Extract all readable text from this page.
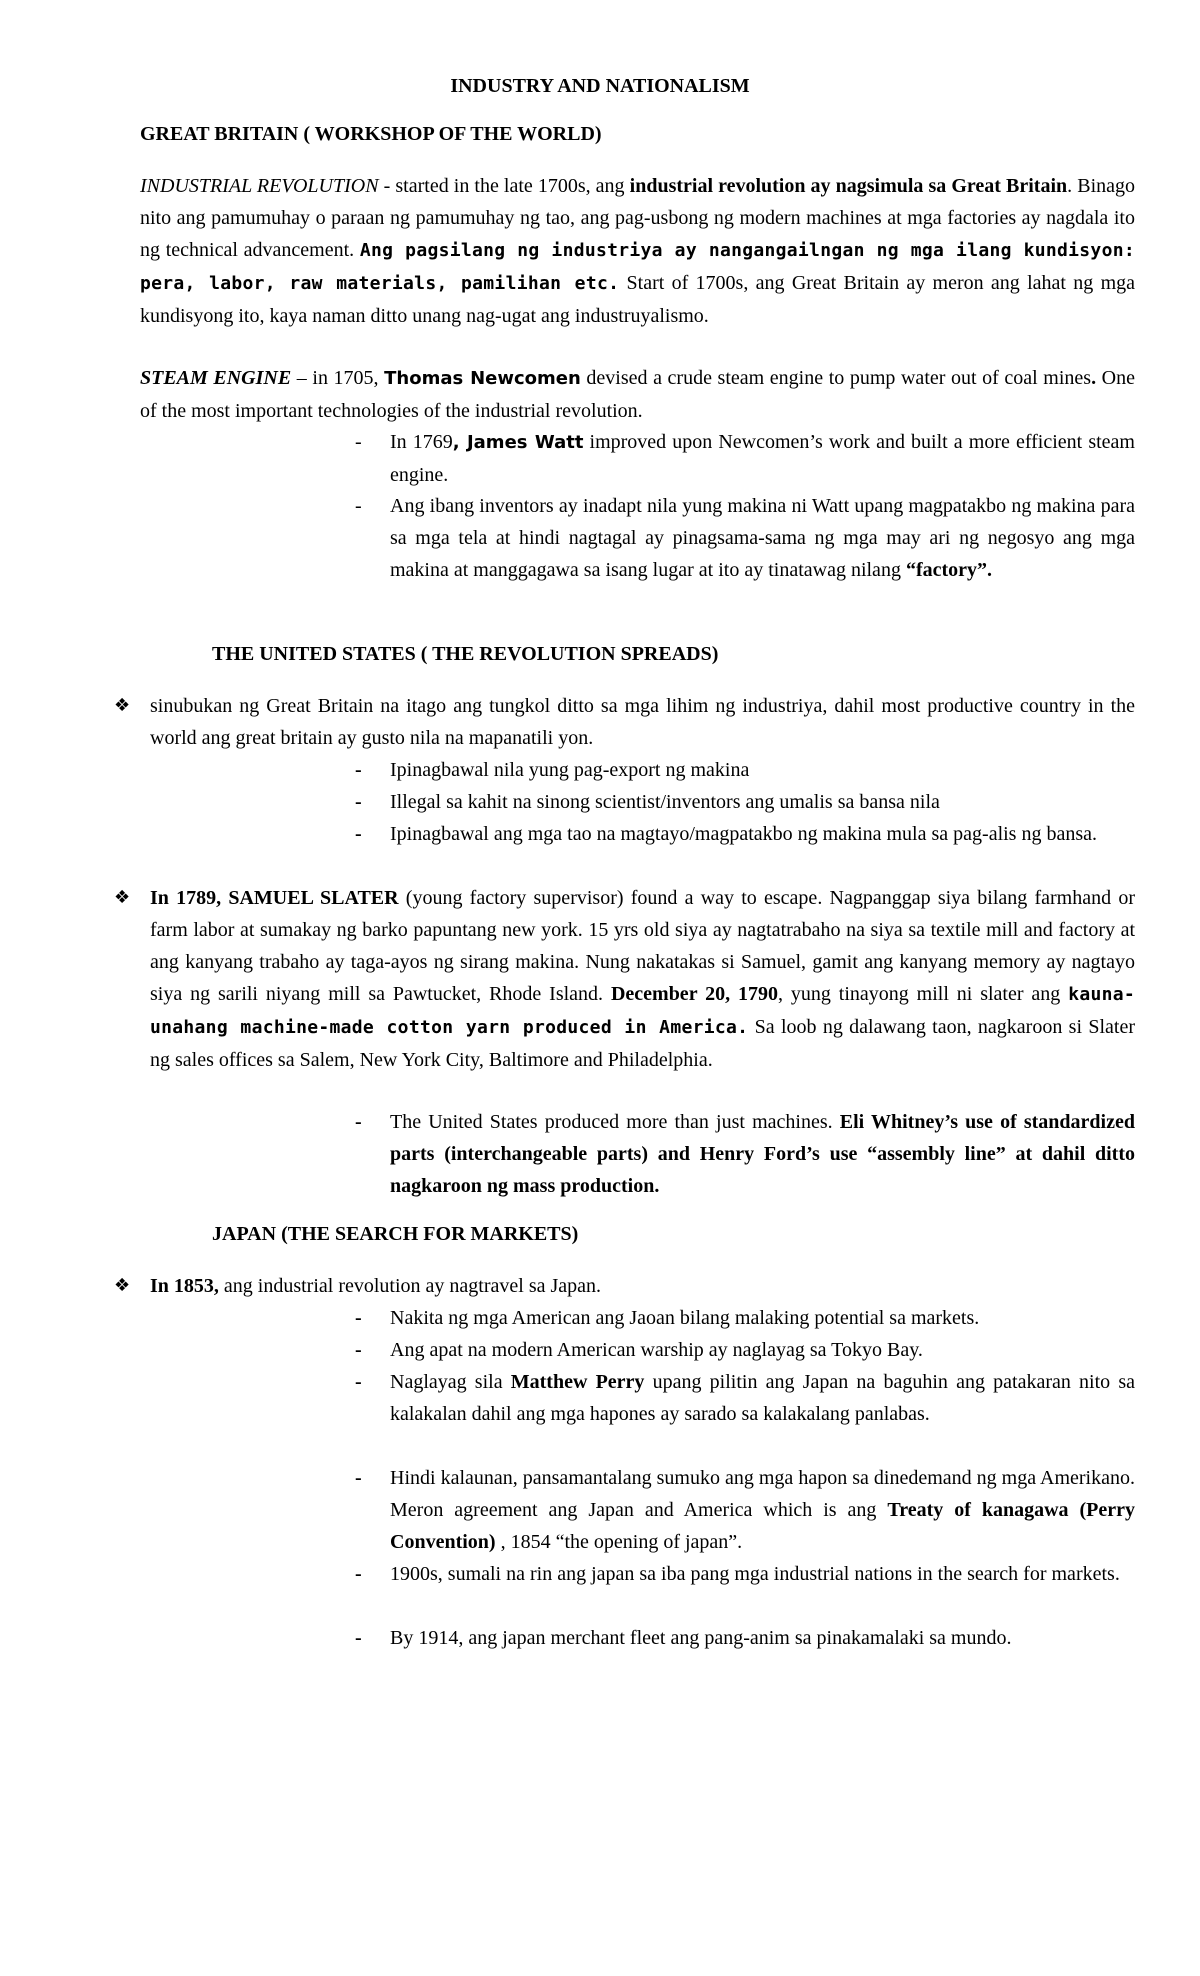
INDUSTRY AND NATIONALISM
GREAT BRITAIN ( WORKSHOP OF THE WORLD)
INDUSTRIAL REVOLUTION - started in the late 1700s, ang industrial revolution ay nagsimula sa Great Britain. Binago nito ang pamumuhay o paraan ng pamumuhay ng tao, ang pag-usbong ng modern machines at mga factories ay nagdala ito ng technical advancement. Ang pagsilang ng industriya ay nangangailngan ng mga ilang kundisyon: pera, labor, raw materials, pamilihan etc. Start of 1700s, ang Great Britain ay meron ang lahat ng mga kundisyong ito, kaya naman ditto unang nag-ugat ang industruyalismo.
STEAM ENGINE – in 1705, Thomas Newcomen devised a crude steam engine to pump water out of coal mines. One of the most important technologies of the industrial revolution.
- In 1769, James Watt improved upon Newcomen’s work and built a more efficient steam engine.
- Ang ibang inventors ay inadapt nila yung makina ni Watt upang magpatakbo ng makina para sa mga tela at hindi nagtagal ay pinagsama-sama ng mga may ari ng negosyo ang mga makina at manggagawa sa isang lugar at ito ay tinatawag nilang “factory”.
THE UNITED STATES ( THE REVOLUTION SPREADS)
❖ sinubukan ng Great Britain na itago ang tungkol ditto sa mga lihim ng industriya, dahil most productive country in the world ang great britain ay gusto nila na mapanatili yon.
- Ipinagbawal nila yung pag-export ng makina
- Illegal sa kahit na sinong scientist/inventors ang umalis sa bansa nila
- Ipinagbawal ang mga tao na magtayo/magpatakbo ng makina mula sa pag-alis ng bansa.
❖ In 1789, SAMUEL SLATER (young factory supervisor) found a way to escape. Nagpanggap siya bilang farmhand or farm labor at sumakay ng barko papuntang new york. 15 yrs old siya ay nagtatrabaho na siya sa textile mill and factory at ang kanyang trabaho ay taga-ayos ng sirang makina. Nung nakatakas si Samuel, gamit ang kanyang memory ay nagtayo siya ng sarili niyang mill sa Pawtucket, Rhode Island. December 20, 1790, yung tinayong mill ni slater ang kauna-unahang machine-made cotton yarn produced in America. Sa loob ng dalawang taon, nagkaroon si Slater ng sales offices sa Salem, New York City, Baltimore and Philadelphia.
- The United States produced more than just machines. Eli Whitney’s use of standardized parts (interchangeable parts) and Henry Ford’s use “assembly line” at dahil ditto nagkaroon ng mass production.
JAPAN (THE SEARCH FOR MARKETS)
❖ In 1853, ang industrial revolution ay nagtravel sa Japan.
- Nakita ng mga American ang Jaoan bilang malaking potential sa markets.
- Ang apat na modern American warship ay naglayag sa Tokyo Bay.
- Naglayag sila Matthew Perry upang pilitin ang Japan na baguhin ang patakaran nito sa kalakalan dahil ang mga hapones ay sarado sa kalakalang panlabas.
- Hindi kalaunan, pansamantalang sumuko ang mga hapon sa dinedemand ng mga Amerikano. Meron agreement ang Japan and America which is ang Treaty of kanagawa (Perry Convention) , 1854 “the opening of japan”.
- 1900s, sumali na rin ang japan sa iba pang mga industrial nations in the search for markets.
- By 1914, ang japan merchant fleet ang pang-anim sa pinakamalaki sa mundo.
